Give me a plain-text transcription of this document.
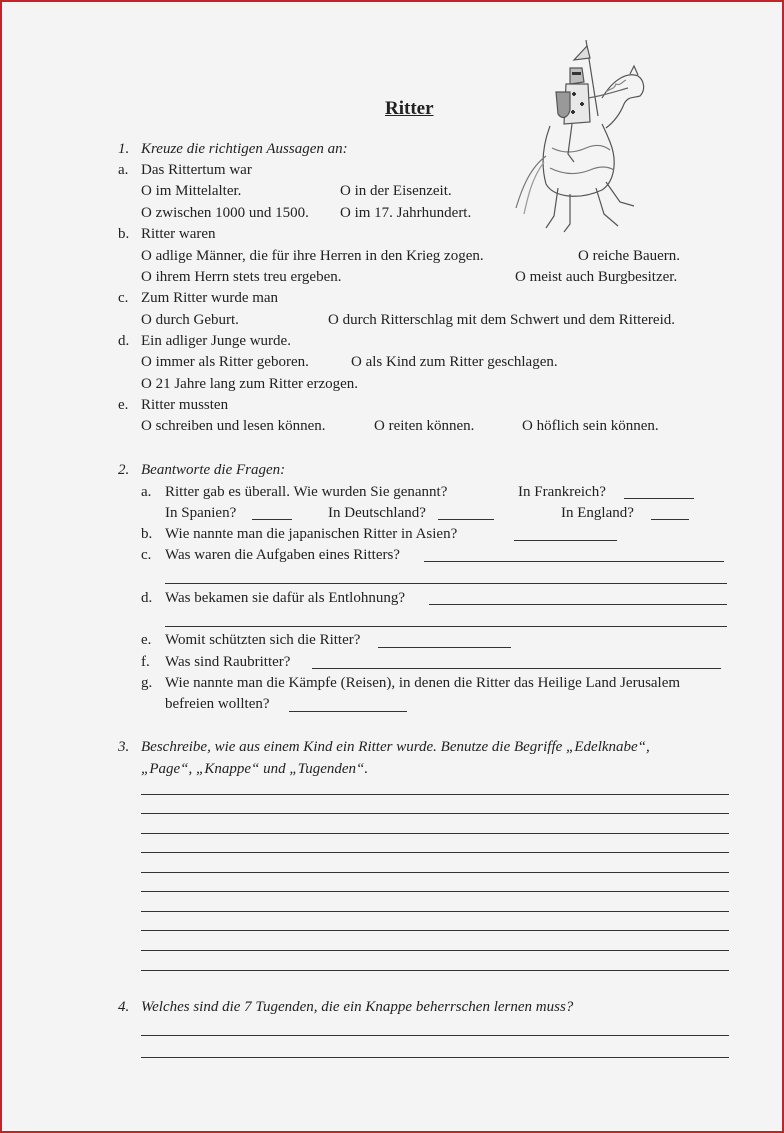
Ritter
1. Kreuze die richtigen Aussagen an:
a. Das Rittertum war
O im Mittelalter.	O in der Eisenzeit.
O zwischen 1000 und 1500. O im 17. Jahrhundert.
b. Ritter waren
O adlige Männer, die für ihre Herren in den Krieg zogen.	O reiche Bauern.
O ihrem Herrn stets treu ergeben.	O meist auch Burgbesitzer.
c. Zum Ritter wurde man
O durch Geburt.	O durch Ritterschlag mit dem Schwert und dem Rittereid.
d. Ein adliger Junge wurde.
O immer als Ritter geboren.	O als Kind zum Ritter geschlagen.
O 21 Jahre lang zum Ritter erzogen.
e. Ritter mussten
O schreiben und lesen können.	O reiten können.	O höflich sein können.
2. Beantworte die Fragen:
a. Ritter gab es überall. Wie wurden Sie genannt?	In Frankreich?
In Spanien?	In Deutschland?	In England?
b. Wie nannte man die japanischen Ritter in Asien?
c. Was waren die Aufgaben eines Ritters?
d. Was bekamen sie dafür als Entlohnung?
e. Womit schützten sich die Ritter?
f. Was sind Raubritter?
g. Wie nannte man die Kämpfe (Reisen), in denen die Ritter das Heilige Land Jerusalem
befreien wollten?
3. Beschreibe, wie aus einem Kind ein Ritter wurde. Benutze die Begriffe „Edelknabe“,
„Page“, „Knappe“ und „Tugenden“.
4. Welches sind die 7 Tugenden, die ein Knappe beherrschen lernen muss?
